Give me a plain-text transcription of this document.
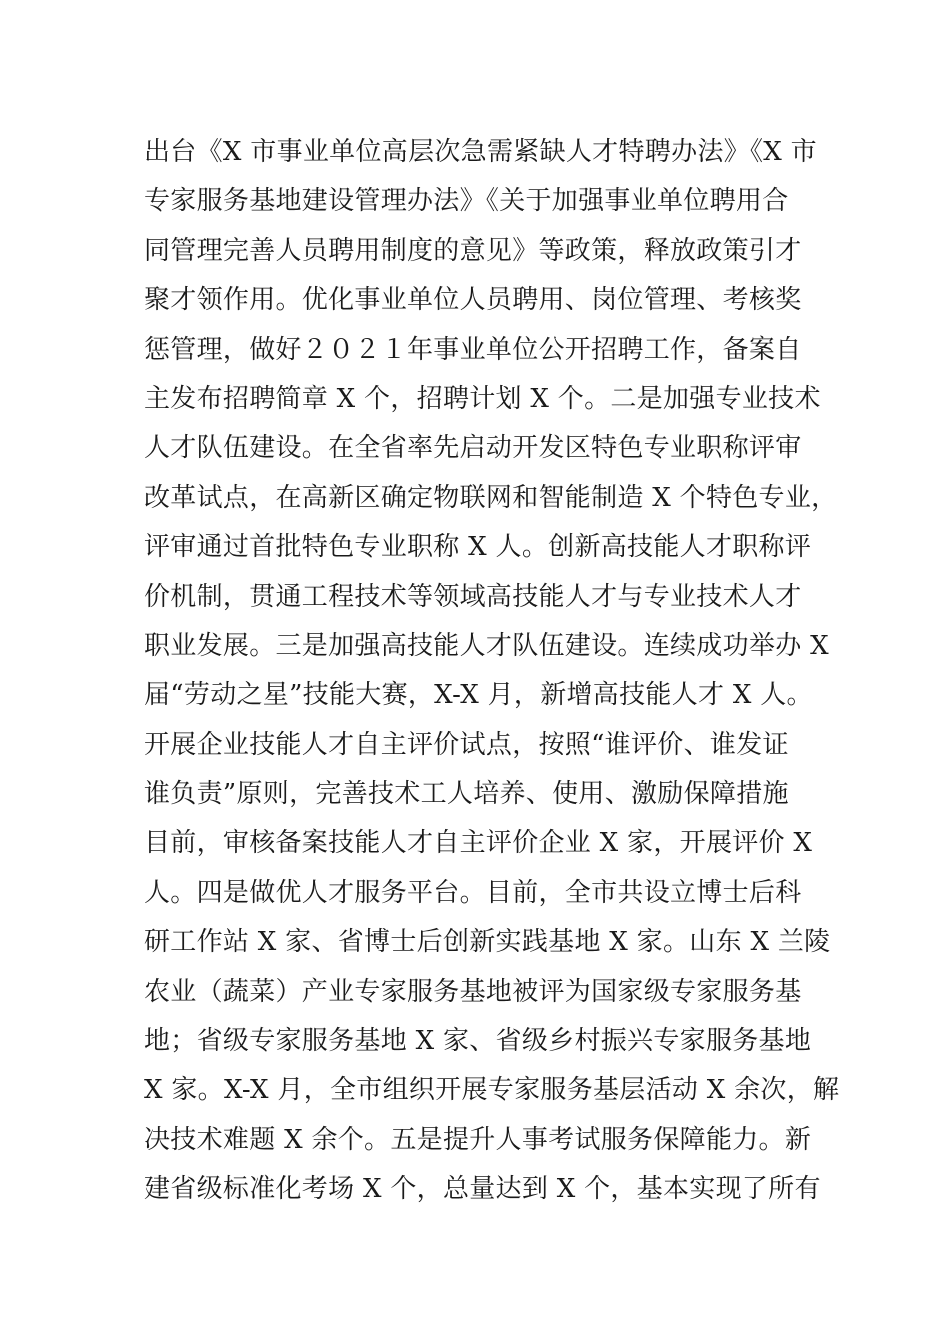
出台《X 市事业单位高层次急需紧缺人才特聘办法》《X 市
专家服务基地建设管理办法》《关于加强事业单位聘用合
同管理完善人员聘用制度的意见》等政策，释放政策引才
聚才领作用。优化事业单位人员聘用、岗位管理、考核奖
惩管理，做好２０２１年事业单位公开招聘工作，备案自
主发布招聘简章 X 个，招聘计划 X 个。二是加强专业技术
人才队伍建设。在全省率先启动开发区特色专业职称评审
改革试点，在高新区确定物联网和智能制造 X 个特色专业，
评审通过首批特色专业职称 X 人。创新高技能人才职称评
价机制，贯通工程技术等领域高技能人才与专业技术人才
职业发展。三是加强高技能人才队伍建设。连续成功举办 X
届“劳动之星”技能大赛，X-X 月，新增高技能人才 X 人。
开展企业技能人才自主评价试点，按照“谁评价、谁发证
谁负责”原则，完善技术工人培养、使用、激励保障措施
目前，审核备案技能人才自主评价企业 X 家，开展评价 X
人。四是做优人才服务平台。目前，全市共设立博士后科
研工作站 X 家、省博士后创新实践基地 X 家。山东 X 兰陵
农业（蔬菜）产业专家服务基地被评为国家级专家服务基
地；省级专家服务基地 X 家、省级乡村振兴专家服务基地
X 家。X-X 月，全市组织开展专家服务基层活动 X 余次，解
决技术难题 X 余个。五是提升人事考试服务保障能力。新
建省级标准化考场 X 个，总量达到 X 个，基本实现了所有
